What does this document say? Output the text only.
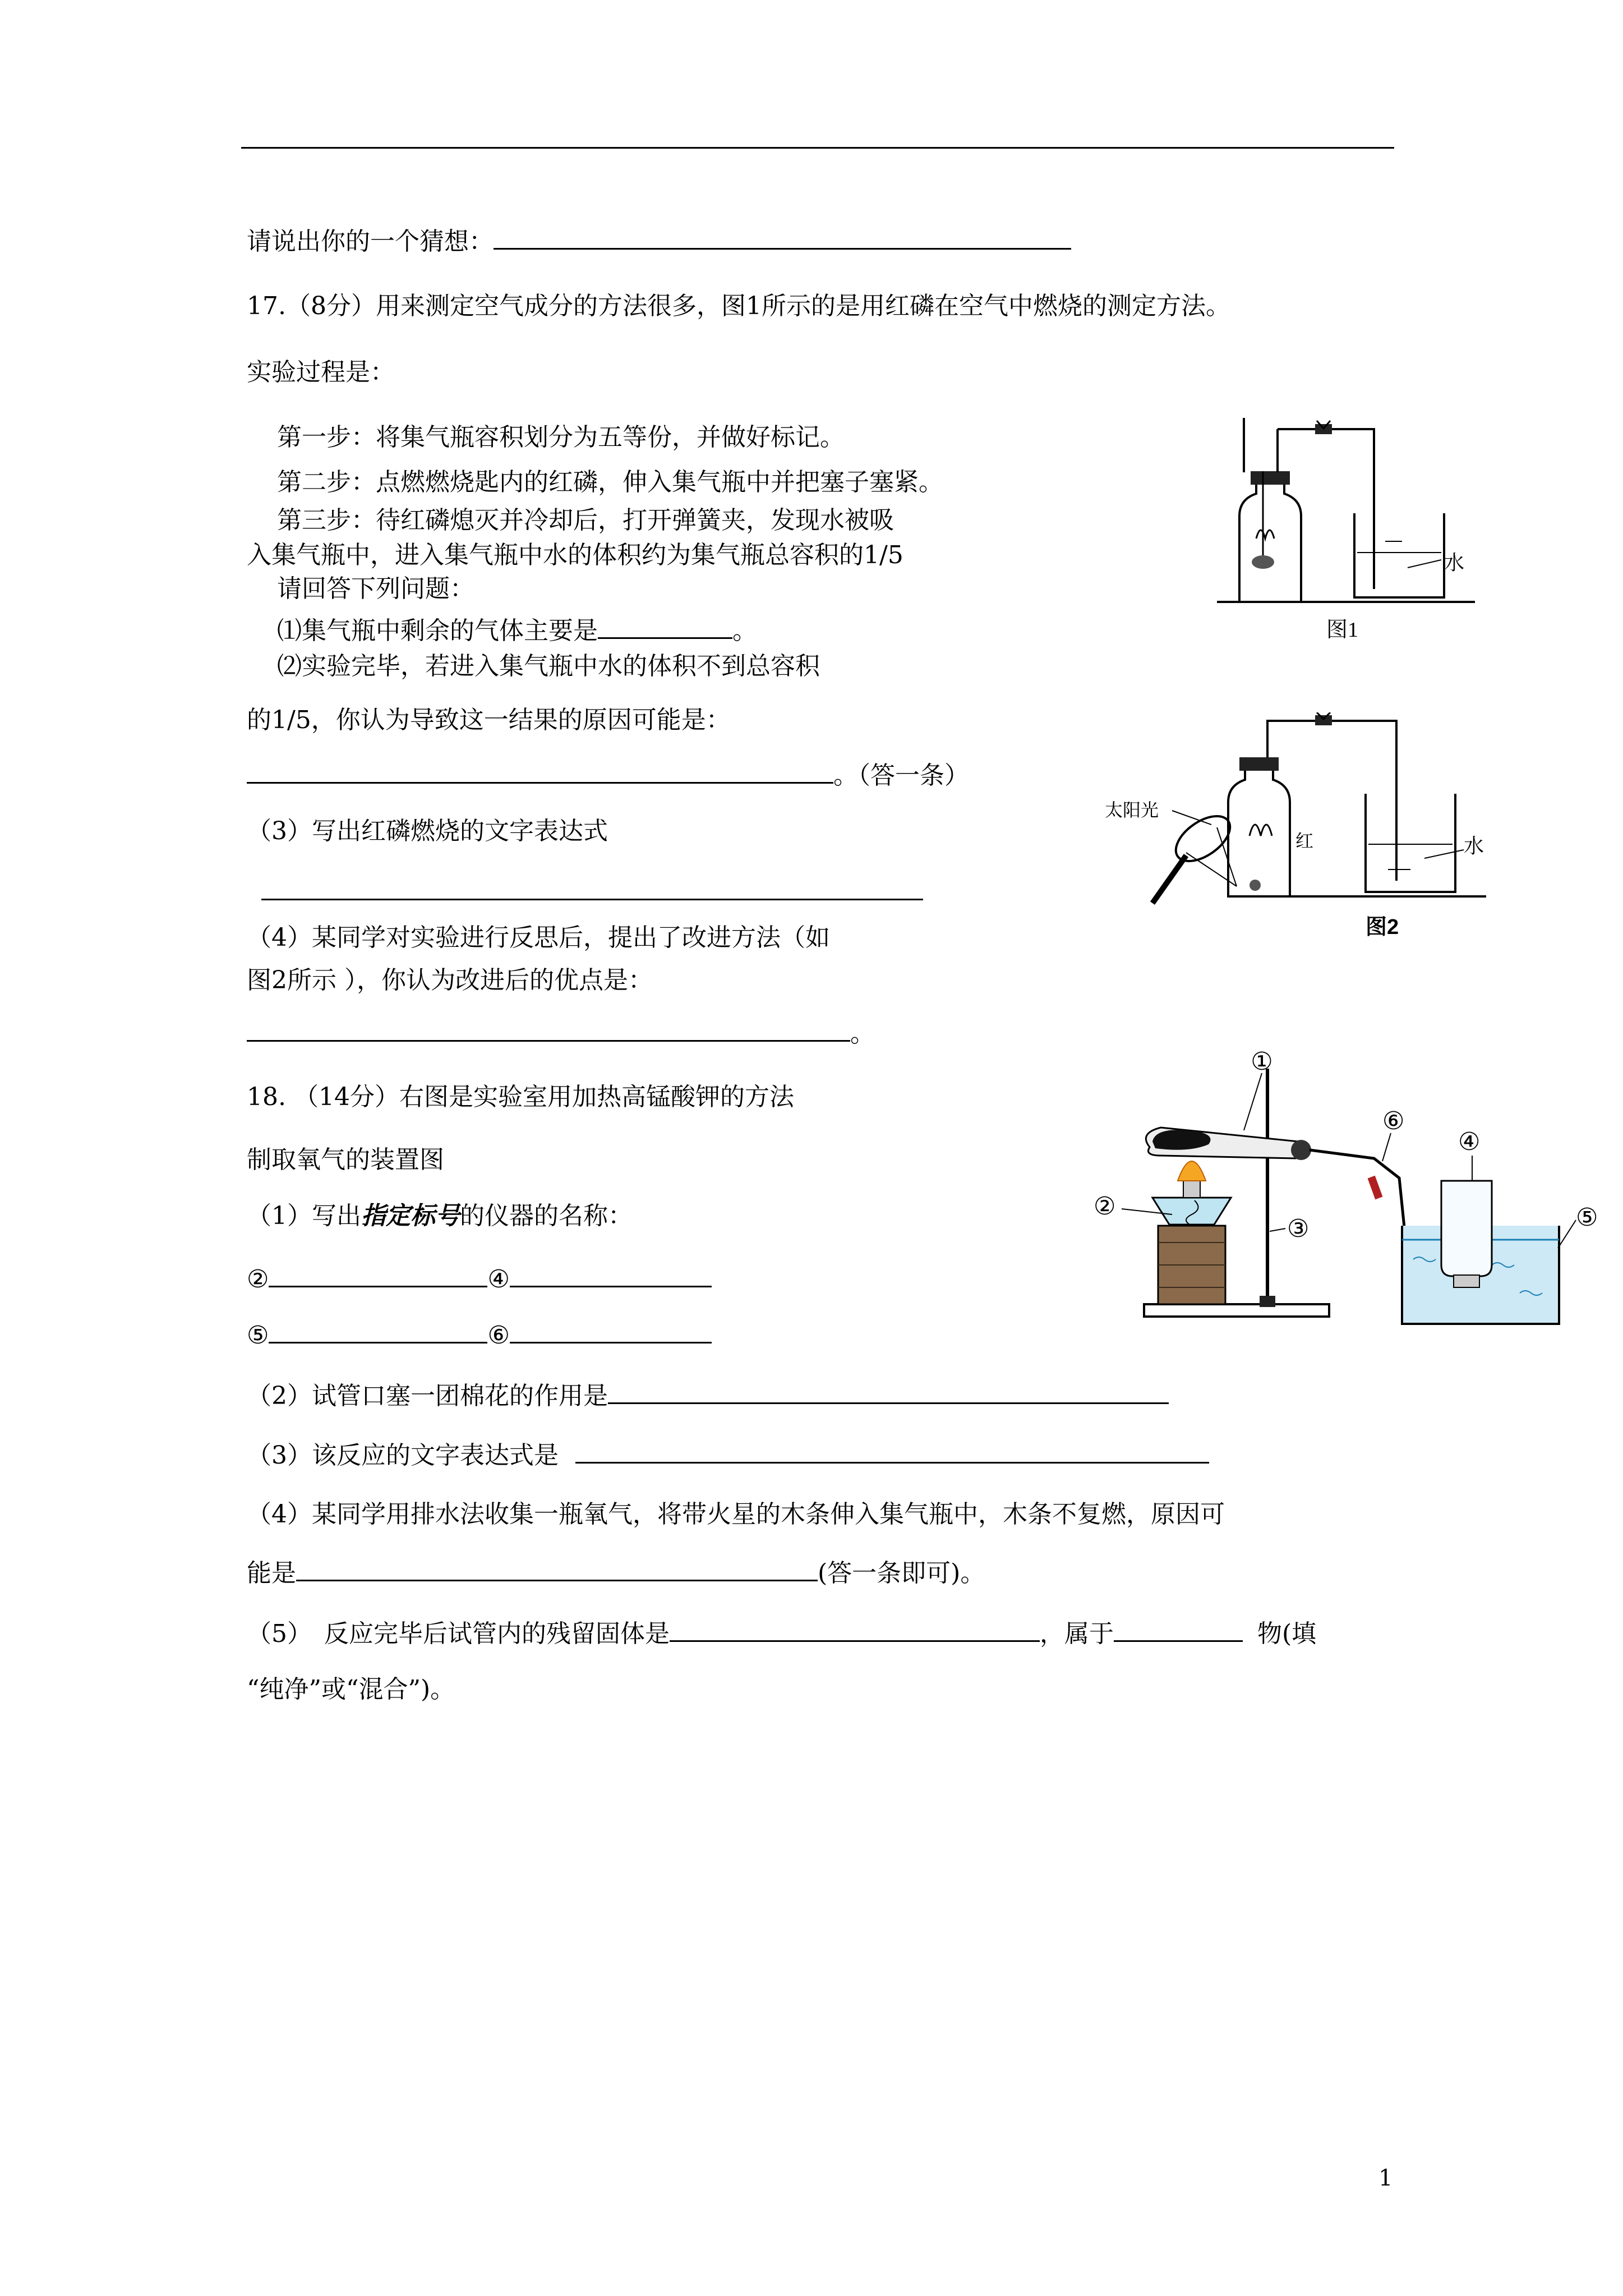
请说出你的一个猜想：
17.（8分）用来测定空气成分的方法很多，图1所示的是用红磷在空气中燃烧的测定方法。
实验过程是：
第一步：将集气瓶容积划分为五等份，并做好标记。
第二步：点燃燃烧匙内的红磷，伸入集气瓶中并把塞子塞紧。
第三步：待红磷熄灭并冷却后，打开弹簧夹，发现水被吸
入集气瓶中，进入集气瓶中水的体积约为集气瓶总容积的1/5
请回答下列问题：
⑴集气瓶中剩余的气体主要是	。
⑵实验完毕，若进入集气瓶中水的体积不到总容积
的1/5，你认为导致这一结果的原因可能是：
。（答一条）
（3）写出红磷燃烧的文字表达式
（4）某同学对实验进行反思后，提出了改进方法（如
图2所示 ），你认为改进后的优点是：
。
水
图1
太阳光
红	水
图2
18. （14分）右图是实验室用加热高锰酸钾的方法
制取氧气的装置图
（1）写出指定标号的仪器的名称：
②	④
⑤	⑥
（2）试管口塞一团棉花的作用是
（3）该反应的文字表达式是
（4）某同学用排水法收集一瓶氧气，将带火星的木条伸入集气瓶中，木条不复燃，原因可
能是	(答一条即可)。
（5）　反应完毕后试管内的残留固体是	，属于	物(填
“纯净”或“混合”)。
①
②
③
④
⑤
⑥
1
